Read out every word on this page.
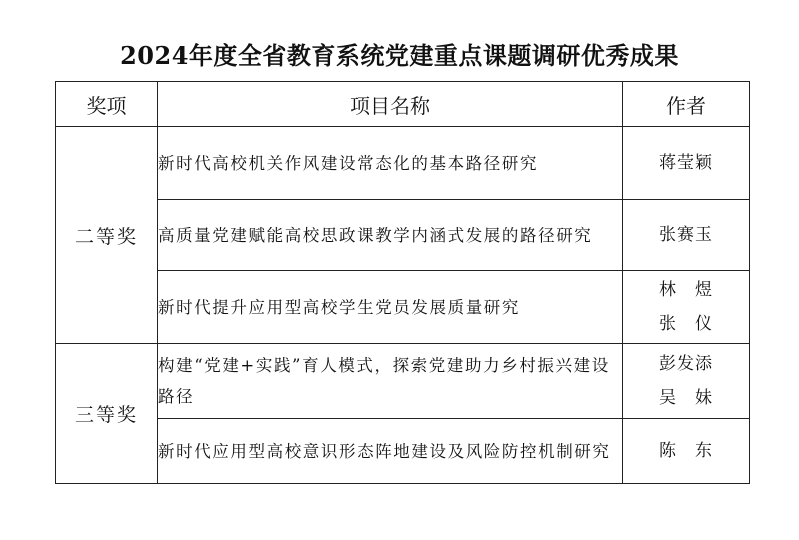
2024年度全省教育系统党建重点课题调研优秀成果
奖项	项目名称	作者
二等奖	新时代高校机关作风建设常态化的基本路径研究	蒋莹颖

	高质量党建赋能高校思政课教学内涵式发展的路径研究	张赛玉

	新时代提升应用型高校学生党员发展质量研究	林　煜
张　仪

三等奖	构建“党建+实践”育人模式，探索党建助力乡村振兴建设路径	彭发添
吴　妹

	新时代应用型高校意识形态阵地建设及风险防控机制研究	陈　东
